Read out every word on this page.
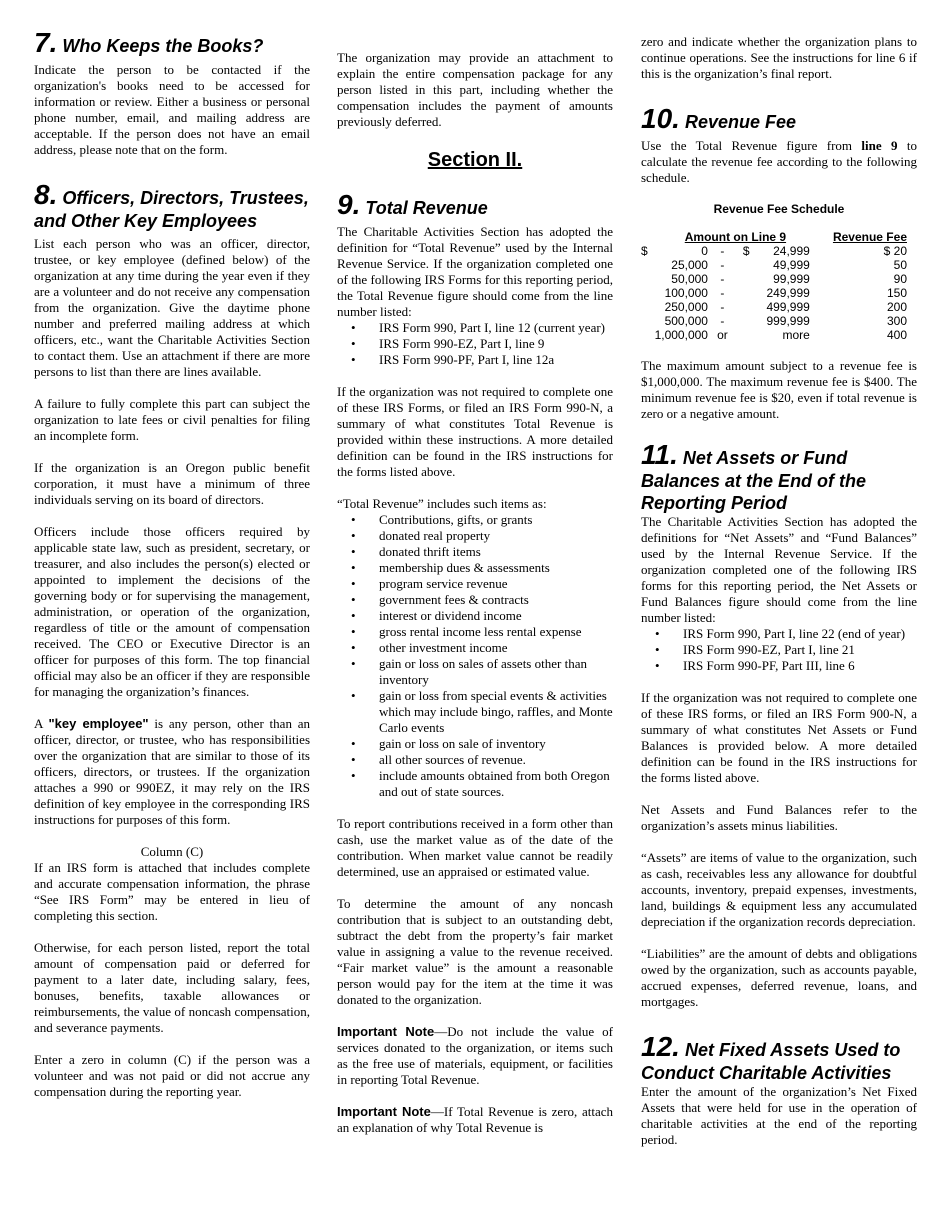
7. Who Keeps the Books?

Indicate the person to be contacted if the organization's books need to be accessed for information or review. Either a business or personal phone number, email, and mailing address are acceptable. If the person does not have an email address, please note that on the form.

8. Officers, Directors, Trustees, and Other Key Employees

List each person who was an officer, director, trustee, or key employee (defined below) of the organization at any time during the year even if they are a volunteer and do not receive any compensation from the organization. Give the daytime phone number and preferred mailing address at which officers, etc., want the Charitable Activities Section to contact them. Use an attachment if there are more persons to list than there are lines available.

A failure to fully complete this part can subject the organization to late fees or civil penalties for filing an incomplete form.

If the organization is an Oregon public benefit corporation, it must have a minimum of three individuals serving on its board of directors.

Officers include those officers required by applicable state law, such as president, secretary, or treasurer, and also includes the person(s) elected or appointed to implement the decisions of the governing body or for supervising the management, administration, or operation of the organization, regardless of title or the amount of compensation received. The CEO or Executive Director is an officer for purposes of this form. The top financial official may also be an officer if they are responsible for managing the organization’s finances.

A "key employee" is any person, other than an officer, director, or trustee, who has responsibilities over the organization that are similar to those of its officers, directors, or trustees. If the organization attaches a 990 or 990EZ, it may rely on the IRS definition of key employee in the corresponding IRS instructions for purposes of this form.

Column (C)

If an IRS form is attached that includes complete and accurate compensation information, the phrase “See IRS Form” may be entered in lieu of completing this section.

Otherwise, for each person listed, report the total amount of compensation paid or deferred for payment to a later date, including salary, fees, bonuses, benefits, taxable allowances or reimbursements, the value of noncash compensation, and severance payments.

Enter a zero in column (C) if the person was a volunteer and was not paid or did not accrue any compensation during the reporting year.

The organization may provide an attachment to explain the entire compensation package for any person listed in this part, including whether the compensation includes the payment of amounts previously deferred.

Section II.
9. Total Revenue

The Charitable Activities Section has adopted the definition for “Total Revenue” used by the Internal Revenue Service. If the organization completed one of the following IRS Forms for this reporting period, the Total Revenue figure should come from the line number listed:

• IRS Form 990, Part I, line 12 (current year)
• IRS Form 990-EZ, Part I, line 9
• IRS Form 990-PF, Part I, line 12a

If the organization was not required to complete one of these IRS Forms, or filed an IRS Form 990-N, a summary of what constitutes Total Revenue is provided within these instructions. A more detailed definition can be found in the IRS instructions for the forms listed above.

“Total Revenue” includes such items as:

• Contributions, gifts, or grants
• donated real property
• donated thrift items
• membership dues & assessments
• program service revenue
• government fees & contracts
• interest or dividend income
• gross rental income less rental expense
• other investment income
• gain or loss on sales of assets other than inventory
• gain or loss from special events & activities which may include bingo, raffles, and Monte Carlo events
• gain or loss on sale of inventory
• all other sources of revenue.
• include amounts obtained from both Oregon and out of state sources.

To report contributions received in a form other than cash, use the market value as of the date of the contribution. When market value cannot be readily determined, use an appraised or estimated value.

To determine the amount of any noncash contribution that is subject to an outstanding debt, subtract the debt from the property’s fair market value in assigning a value to the revenue received. “Fair market value” is the amount a reasonable person would pay for the item at the time it was donated to the organization.

Important Note—Do not include the value of services donated to the organization, or items such as the free use of materials, equipment, or facilities in reporting Total Revenue.

Important Note—If Total Revenue is zero, attach an explanation of why Total Revenue is

zero and indicate whether the organization plans to continue operations. See the instructions for line 6 if this is the organization’s final report.

10. Revenue Fee

Use the Total Revenue figure from line 9 to calculate the revenue fee according to the following schedule.

Revenue Fee Schedule

Amount on Line 9					Revenue Fee
$	0	-	$	24,999	$ 20
	25,000	-		49,999	50
	50,000	-		99,999	90
	100,000	-		249,999	150
	250,000	-		499,999	200
	500,000	-		999,999	300
	1,000,000	or		more	400

The maximum amount subject to a revenue fee is $1,000,000. The maximum revenue fee is $400. The minimum revenue fee is $20, even if total revenue is zero or a negative amount.

11. Net Assets or Fund Balances at the End of the Reporting Period

The Charitable Activities Section has adopted the definitions for “Net Assets” and “Fund Balances” used by the Internal Revenue Service. If the organization completed one of the following IRS forms for this reporting period, the Net Assets or Fund Balances figure should come from the line number listed:

• IRS Form 990, Part I, line 22 (end of year)
• IRS Form 990-EZ, Part I, line 21
• IRS Form 990-PF, Part III, line 6

If the organization was not required to complete one of these IRS forms, or filed an IRS Form 900-N, a summary of what constitutes Net Assets or Fund Balances is provided below. A more detailed definition can be found in the IRS instructions for the forms listed above.

Net Assets and Fund Balances refer to the organization’s assets minus liabilities.

“Assets” are items of value to the organization, such as cash, receivables less any allowance for doubtful accounts, inventory, prepaid expenses, investments, land, buildings & equipment less any accumulated depreciation if the organization records depreciation.

“Liabilities” are the amount of debts and obligations owed by the organization, such as accounts payable, accrued expenses, deferred revenue, loans, and mortgages.

12. Net Fixed Assets Used to Conduct Charitable Activities

Enter the amount of the organization’s Net Fixed Assets that were held for use in the operation of charitable activities at the end of the reporting period.
